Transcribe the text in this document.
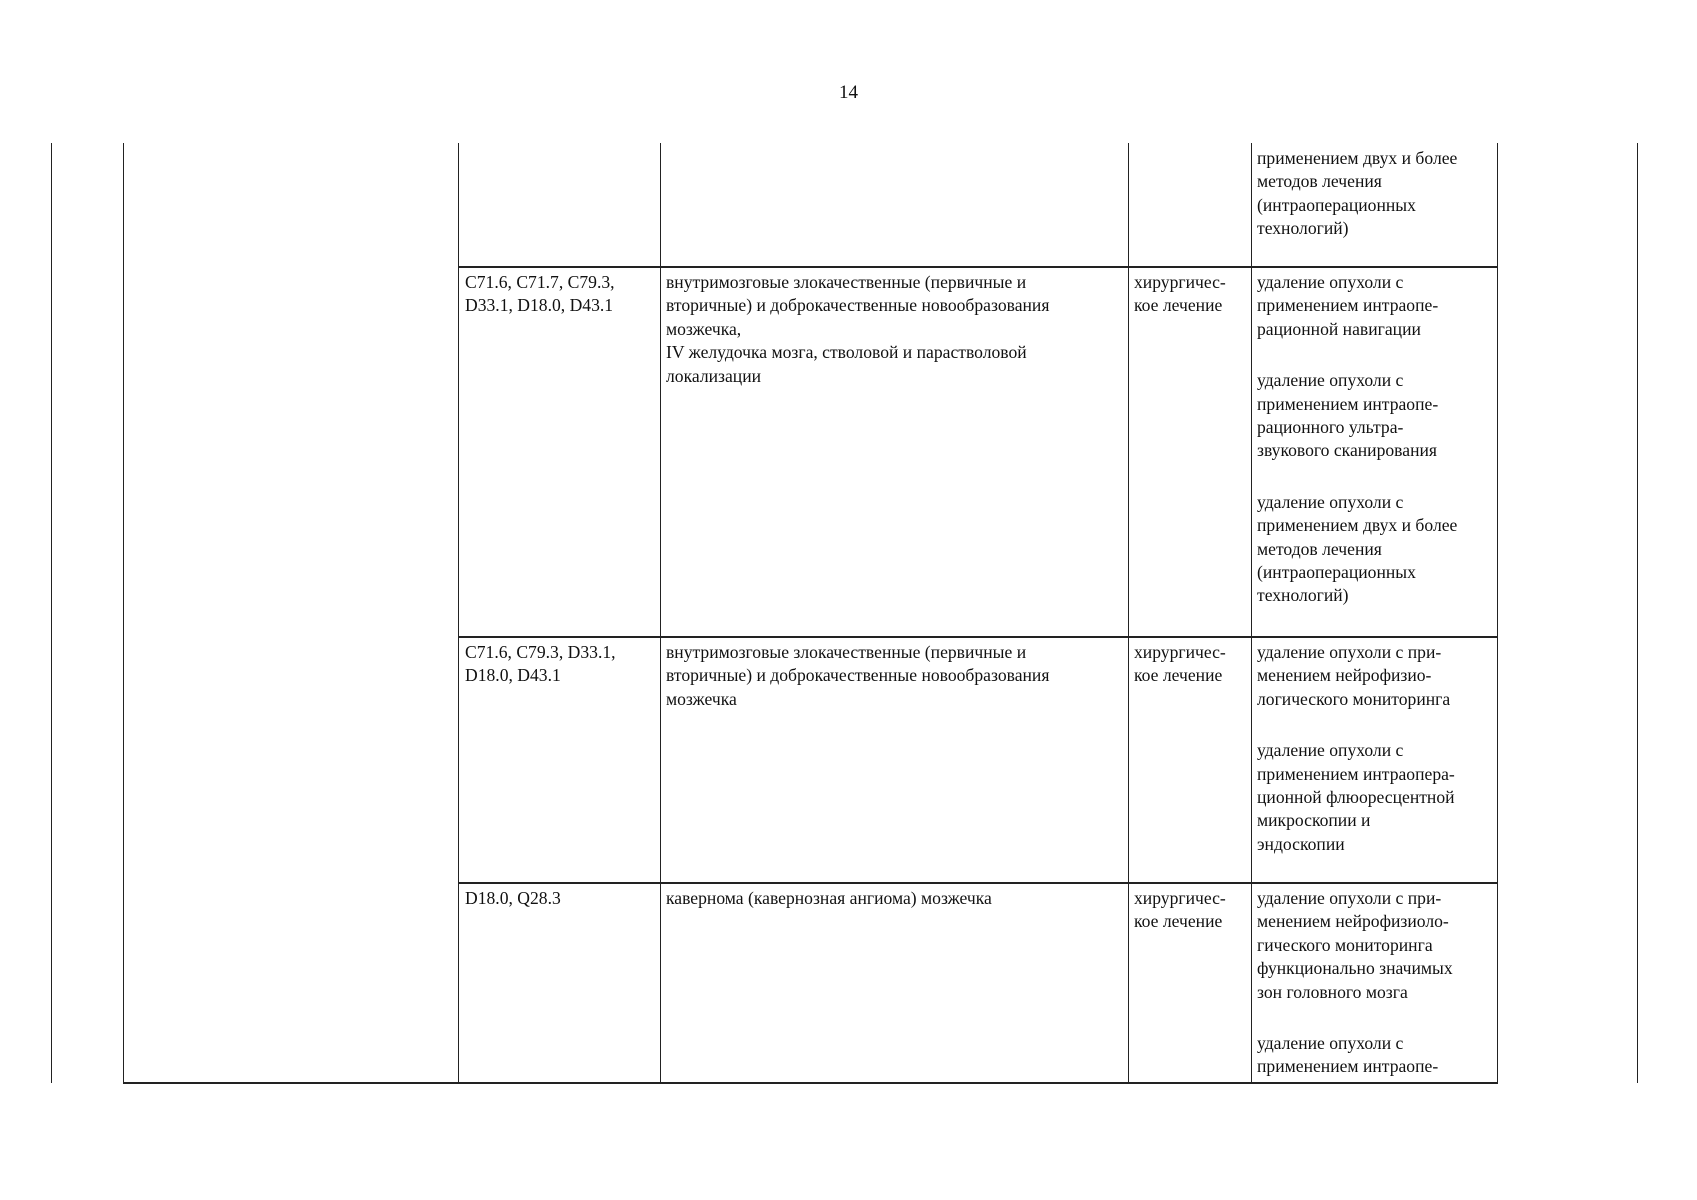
14

применением двух и более
методов лечения
(интраоперационных
технологий)

C71.6, C71.7, C79.3,
D33.1, D18.0, D43.1
внутримозговые злокачественные (первичные и
вторичные) и доброкачественные новообразования
мозжечка,
IV желудочка мозга, стволовой и парастволовой
локализации
хирургичес-
кое лечение

удаление опухоли с
применением интраопе-
рационной навигации

удаление опухоли с
применением интраопе-
рационного ультра-
звукового сканирования

удаление опухоли с
применением двух и более
методов лечения
(интраоперационных
технологий)

C71.6, C79.3, D33.1,
D18.0, D43.1
внутримозговые злокачественные (первичные и
вторичные) и доброкачественные новообразования
мозжечка
хирургичес-
кое лечение

удаление опухоли с при-
менением нейрофизио-
логического мониторинга

удаление опухоли с
применением интраопера-
ционной флюоресцентной
микроскопии и
эндоскопии

D18.0, Q28.3	кавернома (кавернозная ангиома) мозжечка	хирургичес-
кое лечение

удаление опухоли с при-
менением нейрофизиоло-
гического мониторинга
функционально значимых
зон головного мозга

удаление опухоли с
применением интраопе-
